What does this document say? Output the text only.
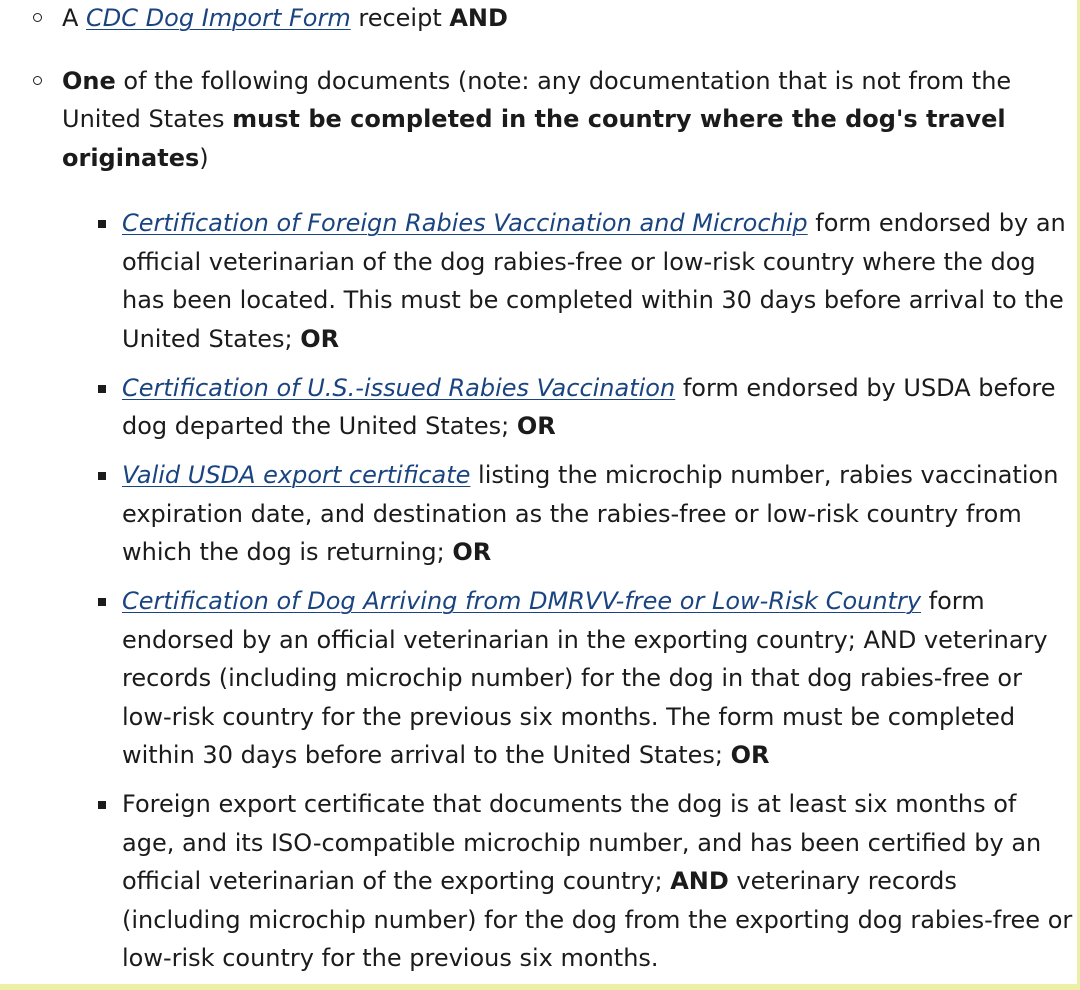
A CDC Dog Import Form receipt AND
One of the following documents (note: any documentation that is not from the United States must be completed in the country where the dog's travel originates)
Certification of Foreign Rabies Vaccination and Microchip form endorsed by an official veterinarian of the dog rabies-free or low-risk country where the dog has been located. This must be completed within 30 days before arrival to the United States; OR
Certification of U.S.-issued Rabies Vaccination form endorsed by USDA before dog departed the United States; OR
Valid USDA export certificate listing the microchip number, rabies vaccination expiration date, and destination as the rabies-free or low-risk country from which the dog is returning; OR
Certification of Dog Arriving from DMRVV-free or Low-Risk Country form endorsed by an official veterinarian in the exporting country; AND veterinary records (including microchip number) for the dog in that dog rabies-free or low-risk country for the previous six months. The form must be completed within 30 days before arrival to the United States; OR
Foreign export certificate that documents the dog is at least six months of age, and its ISO-compatible microchip number, and has been certified by an official veterinarian of the exporting country; AND veterinary records (including microchip number) for the dog from the exporting dog rabies-free or low-risk country for the previous six months.
